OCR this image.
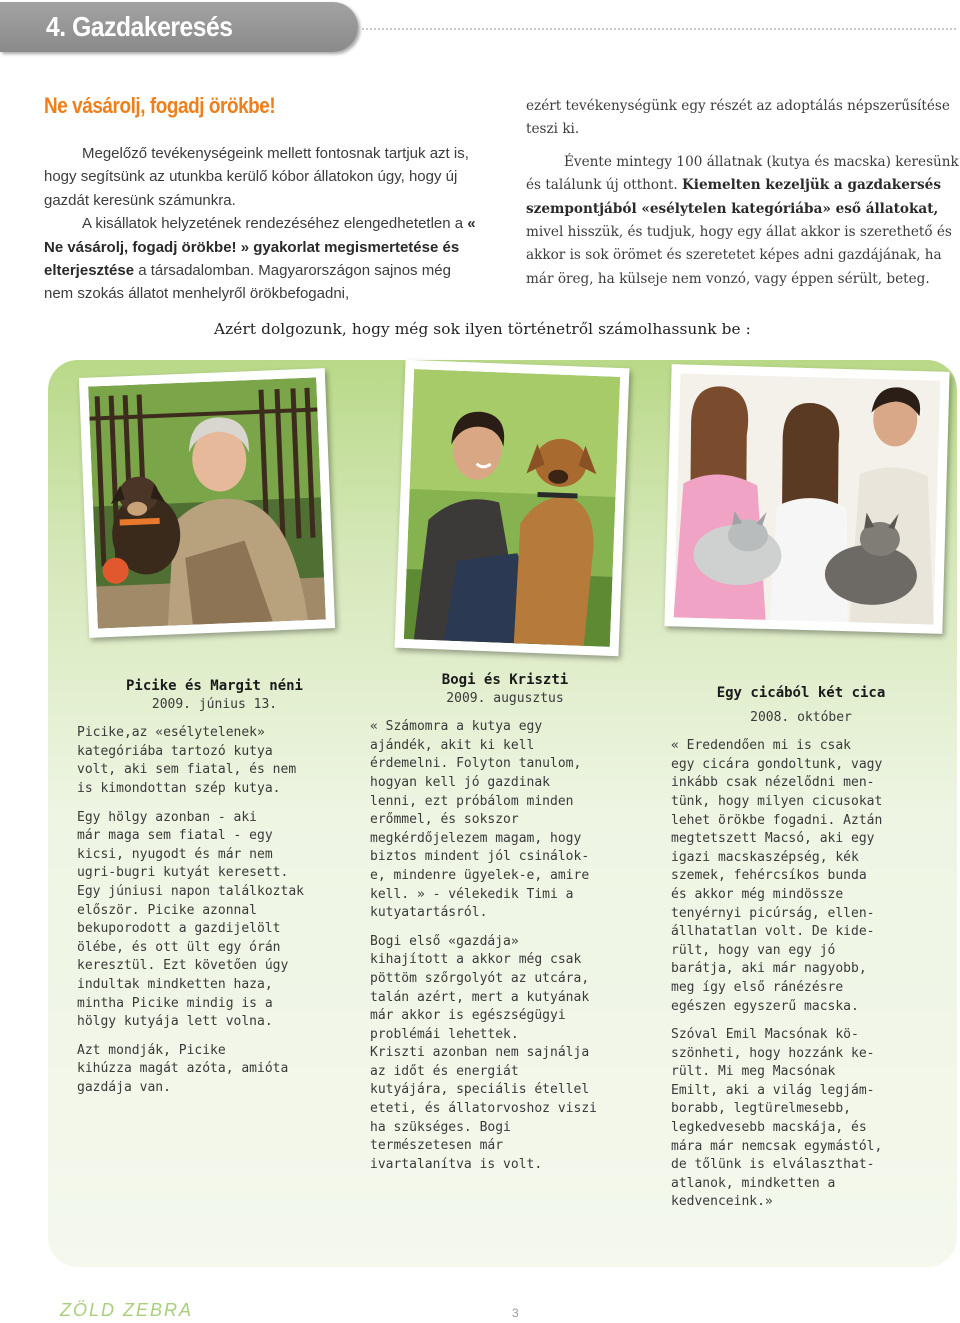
4. Gazdakeresés
Ne vásárolj, fogadj örökbe!
Megelőző tevékenységeink mellett fontosnak tartjuk azt is, hogy segítsünk az utunkba kerülő kóbor állatokon úgy, hogy új gazdát keresünk számunkra.
A kisállatok helyzetének rendezéséhez elengedhetetlen a « Ne vásárolj, fogadj örökbe! » gyakorlat megismertetése és elterjesztése a társadalomban. Magyarországon sajnos még nem szokás állatot menhelyről örökbefogadni,
ezért tevékenységünk egy részét az adoptálás népszerűsítése teszi ki.
Évente mintegy 100 állatnak (kutya és macska) keresünk és találunk új otthont. Kiemelten kezeljük a gazdakersés szempontjából «esélytelen kategóriába» eső állatokat, mivel hisszük, és tudjuk, hogy egy állat akkor is szerethető és akkor is sok örömet és szeretetet képes adni gazdájának, ha már öreg, ha külseje nem vonzó, vagy éppen sérült, beteg.
Azért dolgozunk, hogy még sok ilyen történetről számolhassunk be :
Picike és Margit néni
2009. június 13.

Picike,az «esélytelenek»
kategóriába tartozó kutya
volt, aki sem fiatal, és nem
is kimondottan szép kutya.

Egy hölgy azonban - aki
már maga sem fiatal - egy
kicsi, nyugodt és már nem
ugri-bugri kutyát keresett.
Egy júniusi napon találkoztak
először. Picike azonnal
bekuporodott a gazdijelölt
ölébe, és ott ült egy órán
keresztül. Ezt követően úgy
indultak mindketten haza,
mintha Picike mindig is a
hölgy kutyája lett volna.

Azt mondják, Picike
kihúzza magát azóta, amióta
gazdája van.

Bogi és Kriszti
2009. augusztus

« Számomra a kutya egy
ajándék, akit ki kell
érdemelni. Folyton tanulom,
hogyan kell jó gazdinak
lenni, ezt próbálom minden
erőmmel, és sokszor
megkérdőjelezem magam, hogy
biztos mindent jól csinálok-
e, mindenre ügyelek-e, amire
kell. » - vélekedik Timi a
kutyatartásról.

Bogi első «gazdája»
kihajított a akkor még csak
pöttöm szőrgolyót az utcára,
talán azért, mert a kutyának
már akkor is egészségügyi
problémái lehettek.
Kriszti azonban nem sajnálja
az időt és energiát
kutyájára, speciális étellel
eteti, és állatorvoshoz viszi
ha szükséges. Bogi
természetesen már
ivartalanítva is volt.

Egy cicából két cica
2008. október

« Eredendően mi is csak
egy cicára gondoltunk, vagy
inkább csak nézelődni men-
tünk, hogy milyen cicusokat
lehet örökbe fogadni. Aztán
megtetszett Macsó, aki egy
igazi macskaszépség, kék
szemek, fehércsíkos bunda
és akkor még mindössze
tenyérnyi picúrság, ellen-
állhatatlan volt. De kide-
rült, hogy van egy jó
barátja, aki már nagyobb,
meg így első ránézésre
egészen egyszerű macska.

Szóval Emil Macsónak kö-
szönheti, hogy hozzánk ke-
rült. Mi meg Macsónak
Emilt, aki a világ legjám-
borabb, legtürelmesebb,
legkedvesebb macskája, és
mára már nemcsak egymástól,
de tőlünk is elválaszthat-
atlanok, mindketten a
kedvenceink.»

ZÖLD ZEBRA	3
